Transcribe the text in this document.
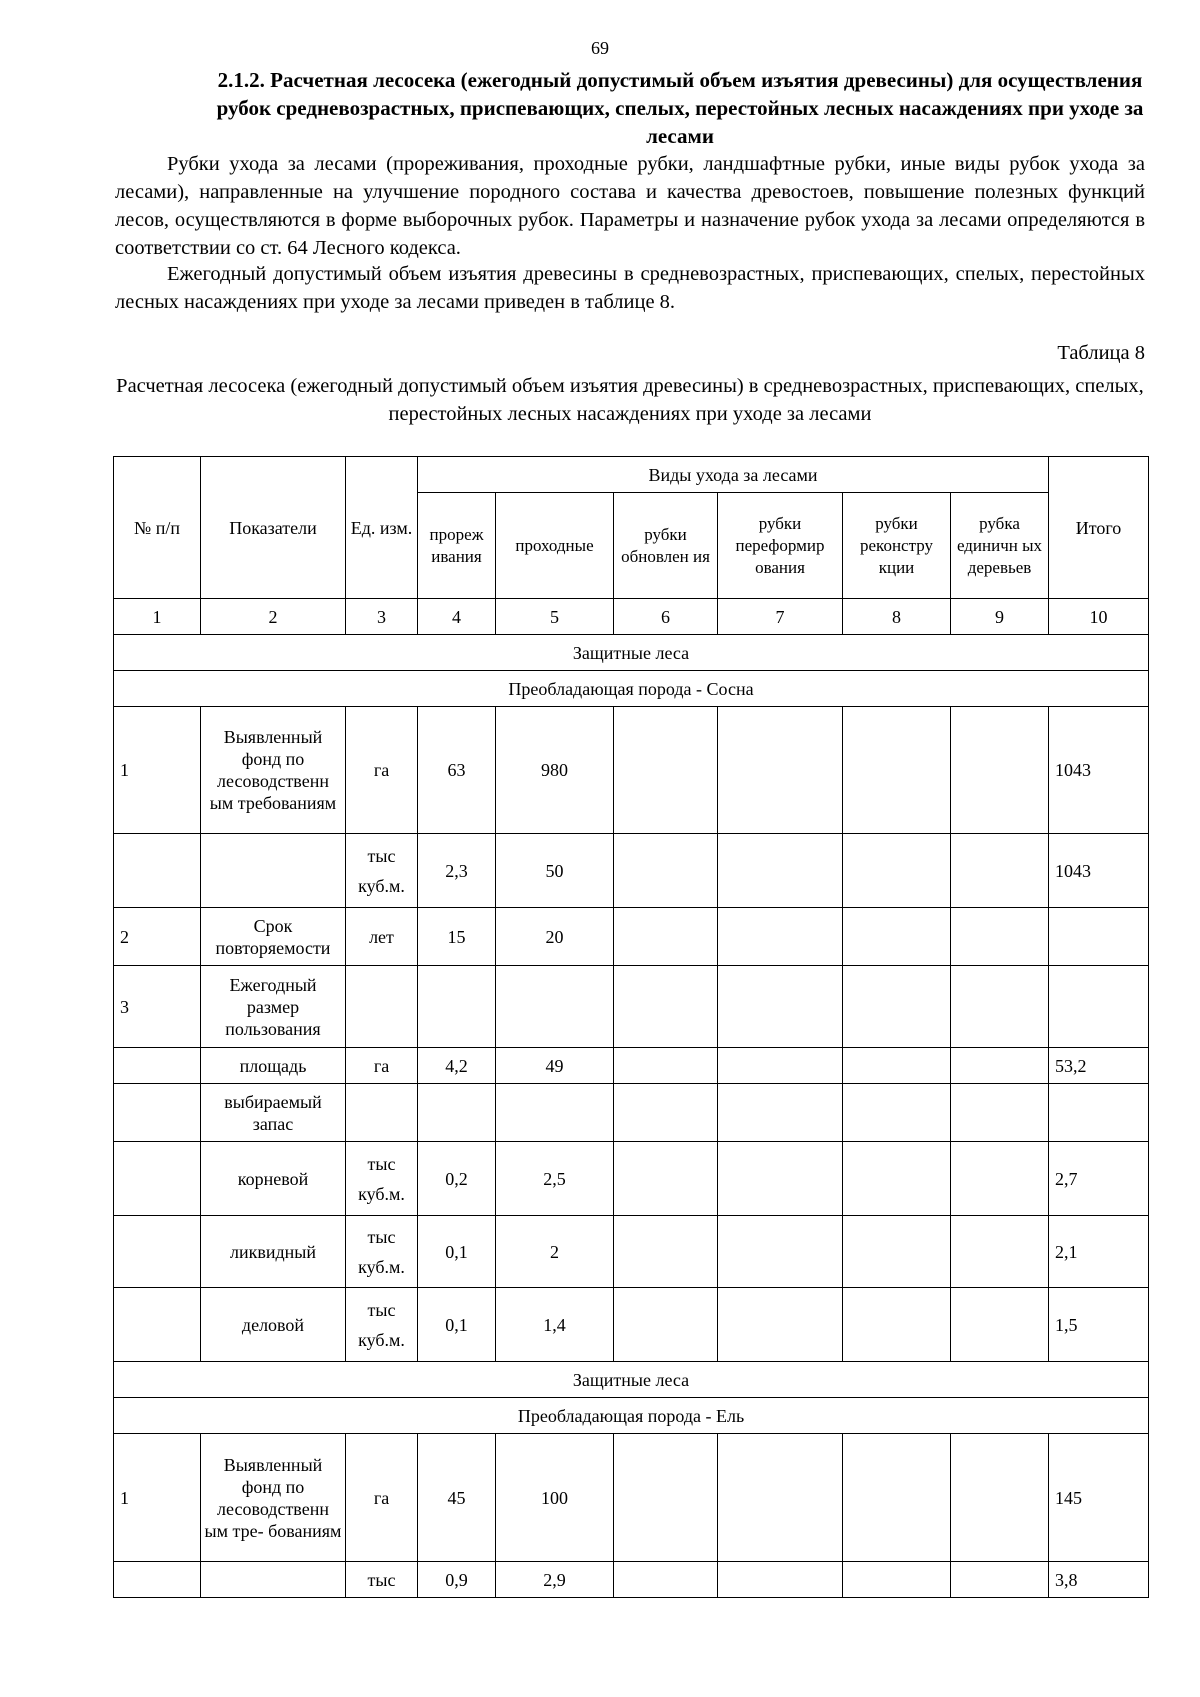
69
2.1.2. Расчетная лесосека (ежегодный допустимый объем изъятия древесины) для осуществления рубок средневозрастных, приспевающих, спелых, перестойных лесных насаждениях при уходе за лесами
Рубки ухода за лесами (прореживания, проходные рубки, ландшафтные рубки, иные виды рубок ухода за лесами), направленные на улучшение породного состава и качества древостоев, повышение полезных функций лесов, осуществляются в форме выборочных рубок. Параметры и назначение рубок ухода за лесами определяются в соответствии со ст. 64 Лесного кодекса.
Ежегодный допустимый объем изъятия древесины в средневозрастных, приспевающих, спелых, перестойных лесных насаждениях при уходе за лесами приведен в таблице 8.
Таблица 8
Расчетная лесосека (ежегодный допустимый объем изъятия древесины) в средневозрастных, приспевающих, спелых, перестойных лесных насаждениях при уходе за лесами
№ п/п	Показатели	Ед. изм.	Виды ухода за лесами						Итого
			прореж ивания	проходные	рубки обновлен ия	рубки переформир ования	рубки реконстру кции	рубка единичн ых деревьев	
1	2	3	4	5	6	7	8	9	10
Защитные леса									
Преобладающая порода - Сосна									
1	Выявленный фонд по лесоводственн ым требованиям	га	63	980					1043
		тыс куб.м.	2,3	50					1043
2	Срок повторяемости	лет	15	20					
3	Ежегодный размер пользования								
	площадь	га	4,2	49					53,2
	выбираемый запас								
	корневой	тыс куб.м.	0,2	2,5					2,7
	ликвидный	тыс куб.м.	0,1	2					2,1
	деловой	тыс куб.м.	0,1	1,4					1,5
Защитные леса									
Преобладающая порода - Ель									
1	Выявленный фонд по лесоводственн ым тре- бованиям	га	45	100					145
		тыс	0,9	2,9					3,8
